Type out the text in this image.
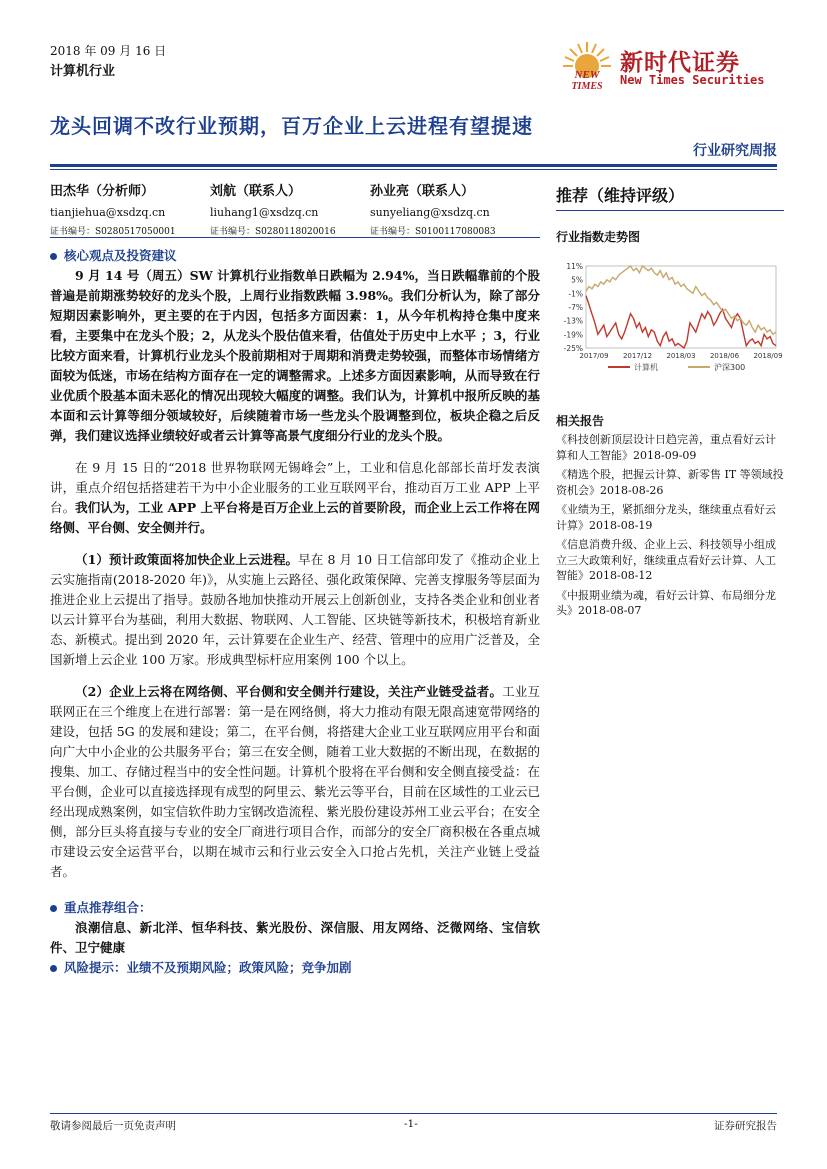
2018 年 09 月 16 日
计算机行业	NEW
TIMES
新时代证券
New Times Securities
龙头回调不改行业预期，百万企业上云进程有望提速
行业研究周报
田杰华（分析师）
tianjiehua@xsdzq.cn
证书编号：S0280517050001
刘航（联系人）
liuhang1@xsdzq.cn
证书编号：S0280118020016
孙业亮（联系人）
sunyeliang@xsdzq.cn
证书编号：S0100117080083
推荐（维持评级）
行业指数走势图
11%
5%
-1%
-7%
-13%
-19%
-25%
2017/09 2017/12 2018/03 2018/06 2018/09
计算机	沪深300
相关报告
《科技创新顶层设计日趋完善，重点看好云计算和人工智能》2018-09-09
《精选个股，把握云计算、新零售 IT 等领域投资机会》2018-08-26
《业绩为王，紧抓细分龙头，继续重点看好云计算》2018-08-19
《信息消费升级、企业上云、科技领导小组成立三大政策利好，继续重点看好云计算、人工智能》2018-08-12
《中报期业绩为魂，看好云计算、布局细分龙头》2018-08-07
核心观点及投资建议

9 月 14 号（周五）SW 计算机行业指数单日跌幅为 2.94%，当日跌幅靠前的个股普遍是前期涨势较好的龙头个股，上周行业指数跌幅 3.98%。我们分析认为，除了部分短期因素影响外，更主要的在于内因，包括多方面因素：1，从今年机构持仓集中度来看，主要集中在龙头个股；2，从龙头个股估值来看，估值处于历史中上水平 ；3，行业比较方面来看，计算机行业龙头个股前期相对于周期和消费走势较强，而整体市场情绪方面较为低迷，市场在结构方面存在一定的调整需求。上述多方面因素影响，从而导致在行业优质个股基本面未恶化的情况出现较大幅度的调整。我们认为，计算机中报所反映的基本面和云计算等细分领域较好，后续随着市场一些龙头个股调整到位，板块企稳之后反弹，我们建议选择业绩较好或者云计算等高景气度细分行业的龙头个股。

在 9 月 15 日的“2018 世界物联网无锡峰会”上，工业和信息化部部长苗圩发表演讲，重点介绍包括搭建若干为中小企业服务的工业互联网平台，推动百万工业 APP 上平台。我们认为，工业 APP 上平台将是百万企业上云的首要阶段，而企业上云工作将在网络侧、平台侧、安全侧并行。

（1）预计政策面将加快企业上云进程。早在 8 月 10 日工信部印发了《推动企业上云实施指南(2018-2020 年)》，从实施上云路径、强化政策保障、完善支撑服务等层面为推进企业上云提出了指导。鼓励各地加快推动开展云上创新创业，支持各类企业和创业者以云计算平台为基础，利用大数据、物联网、人工智能、区块链等新技术，积极培育新业态、新模式。提出到 2020 年，云计算要在企业生产、经营、管理中的应用广泛普及，全国新增上云企业 100 万家。形成典型标杆应用案例 100 个以上。

（2）企业上云将在网络侧、平台侧和安全侧并行建设，关注产业链受益者。工业互联网正在三个维度上在进行部署：第一是在网络侧，将大力推动有限无限高速宽带网络的建设，包括 5G 的发展和建设；第二，在平台侧，将搭建大企业工业互联网应用平台和面向广大中小企业的公共服务平台；第三在安全侧，随着工业大数据的不断出现，在数据的搜集、加工、存储过程当中的安全性问题。计算机个股将在平台侧和安全侧直接受益：在平台侧，企业可以直接选择现有成型的阿里云、紫光云等平台，目前在区域性的工业云已经出现成熟案例，如宝信软件助力宝钢改造流程、紫光股份建设苏州工业云平台；在安全侧，部分巨头将直接与专业的安全厂商进行项目合作，而部分的安全厂商积极在各重点城市建设云安全运营平台，以期在城市云和行业云安全入口抢占先机，关注产业链上受益者。

重点推荐组合：

浪潮信息、新北洋、恒华科技、紫光股份、深信服、用友网络、泛微网络、宝信软件、卫宁健康

风险提示：业绩不及预期风险；政策风险；竞争加剧
敬请参阅最后一页免责声明	-1-	证券研究报告
